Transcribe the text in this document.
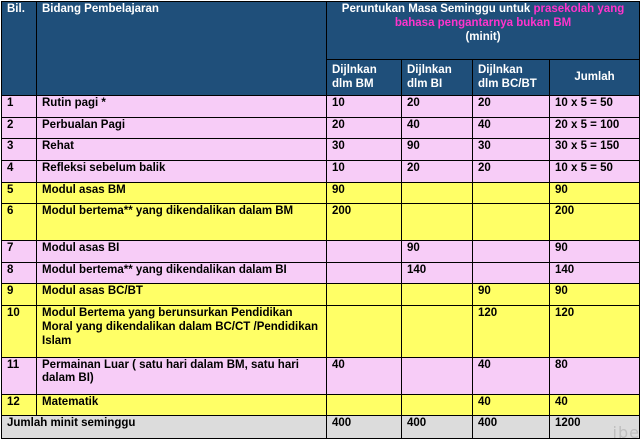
Bil.	Bidang Pembelajaran	Peruntukan Masa Seminggu untuk prasekolah yang bahasa pengantarnya bukan BM
(minit)			
		Dijlnkan dlm BM	Dijlnkan dlm BI	Dijlnkan dlm BC/BT	Jumlah
1	Rutin pagi *	10	20	20	10 x 5 = 50
2	Perbualan Pagi	20	40	40	20 x 5 = 100
3	Rehat	30	90	30	30 x 5 = 150
4	Refleksi sebelum balik	10	20	20	10 x 5 = 50
5	Modul asas BM	90			90
6	Modul bertema** yang dikendalikan dalam BM	200			200
7	Modul asas BI		90		90
8	Modul bertema** yang dikendalikan dalam BI		140		140
9	Modul asas BC/BT			90	90
10	Modul Bertema yang berunsurkan Pendidikan Moral yang dikendalikan dalam BC/CT /Pendidikan Islam			120	120
11	Permainan Luar ( satu hari dalam BM, satu hari dalam BI)	40		40	80
12	Matematik			40	40
Jumlah minit seminggu		400	400	400	1200 ibe
